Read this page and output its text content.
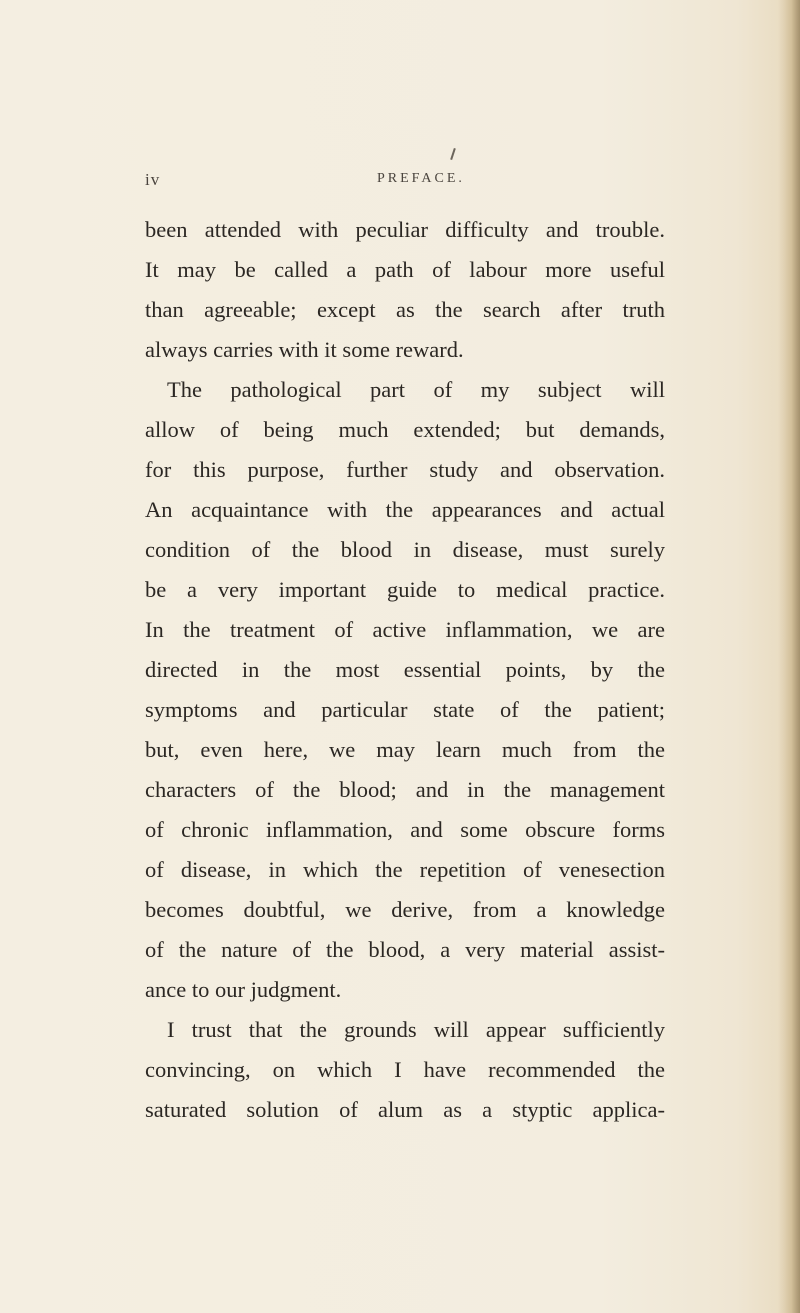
iv	PREFACE.
been attended with peculiar difficulty and trouble.
It may be called a path of labour more useful
than agreeable; except as the search after truth
always carries with it some reward.
The pathological part of my subject will
allow of being much extended; but demands,
for this purpose, further study and observation.
An acquaintance with the appearances and actual
condition of the blood in disease, must surely
be a very important guide to medical practice.
In the treatment of active inflammation, we are
directed in the most essential points, by the
symptoms and particular state of the patient;
but, even here, we may learn much from the
characters of the blood; and in the management
of chronic inflammation, and some obscure forms
of disease, in which the repetition of venesection
becomes doubtful, we derive, from a knowledge
of the nature of the blood, a very material assist-
ance to our judgment.
I trust that the grounds will appear sufficiently
convincing, on which I have recommended the
saturated solution of alum as a styptic applica-
